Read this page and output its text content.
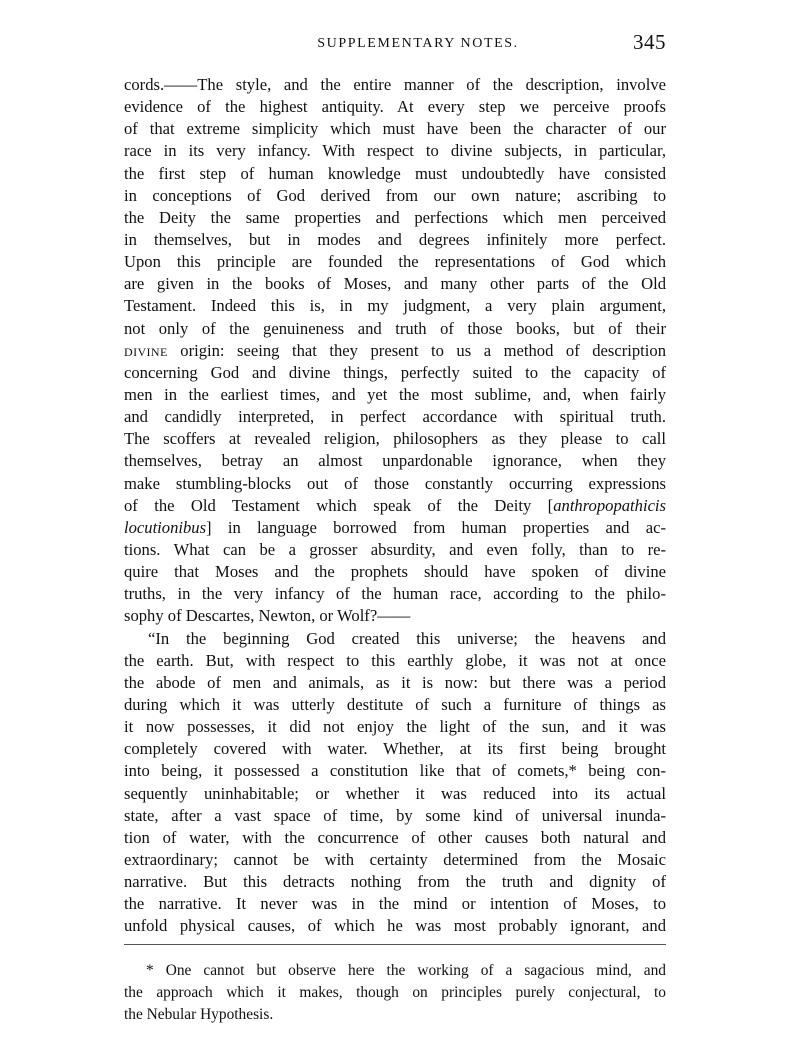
SUPPLEMENTARY NOTES.	345
cords.——The style, and the entire manner of the description, involve
evidence of the highest antiquity. At every step we perceive proofs
of that extreme simplicity which must have been the character of our
race in its very infancy. With respect to divine subjects, in particular,
the first step of human knowledge must undoubtedly have consisted
in conceptions of God derived from our own nature; ascribing to
the Deity the same properties and perfections which men perceived
in themselves, but in modes and degrees infinitely more perfect.
Upon this principle are founded the representations of God which
are given in the books of Moses, and many other parts of the Old
Testament. Indeed this is, in my judgment, a very plain argument,
not only of the genuineness and truth of those books, but of their
DIVINE origin: seeing that they present to us a method of description
concerning God and divine things, perfectly suited to the capacity of
men in the earliest times, and yet the most sublime, and, when fairly
and candidly interpreted, in perfect accordance with spiritual truth.
The scoffers at revealed religion, philosophers as they please to call
themselves, betray an almost unpardonable ignorance, when they
make stumbling-blocks out of those constantly occurring expressions
of the Old Testament which speak of the Deity [anthropopathicis
locutionibus] in language borrowed from human properties and ac-
tions. What can be a grosser absurdity, and even folly, than to re-
quire that Moses and the prophets should have spoken of divine
truths, in the very infancy of the human race, according to the philo-
sophy of Descartes, Newton, or Wolf?——
“In the beginning God created this universe; the heavens and
the earth. But, with respect to this earthly globe, it was not at once
the abode of men and animals, as it is now: but there was a period
during which it was utterly destitute of such a furniture of things as
it now possesses, it did not enjoy the light of the sun, and it was
completely covered with water. Whether, at its first being brought
into being, it possessed a constitution like that of comets,* being con-
sequently uninhabitable; or whether it was reduced into its actual
state, after a vast space of time, by some kind of universal inunda-
tion of water, with the concurrence of other causes both natural and
extraordinary; cannot be with certainty determined from the Mosaic
narrative. But this detracts nothing from the truth and dignity of
the narrative. It never was in the mind or intention of Moses, to
unfold physical causes, of which he was most probably ignorant, and
* One cannot but observe here the working of a sagacious mind, and
the approach which it makes, though on principles purely conjectural, to
the Nebular Hypothesis.
